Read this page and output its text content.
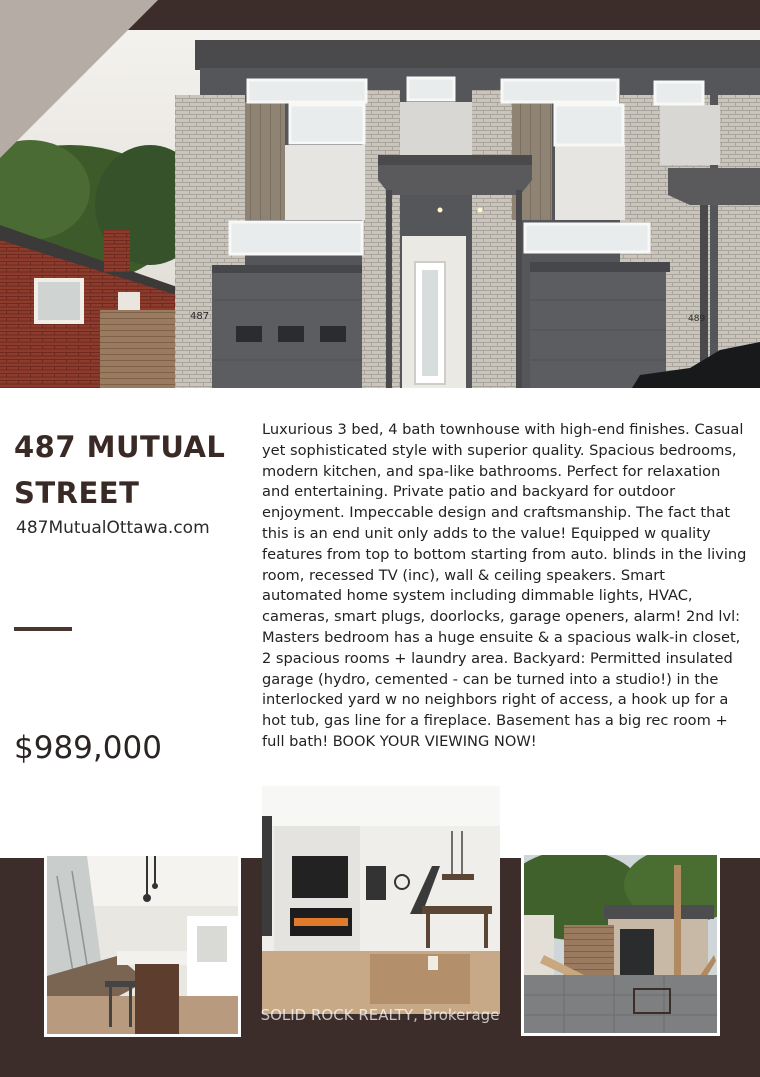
487	489
487 MUTUAL
STREET
487MutualOttawa.com
$989,000
Luxurious 3 bed, 4 bath townhouse with high-end finishes. Casual yet sophisticated style with superior quality. Spacious bedrooms, modern kitchen, and spa-like bathrooms. Perfect for relaxation and entertaining. Private patio and backyard for outdoor enjoyment. Impeccable design and craftsmanship. The fact that this is an end unit only adds to the value! Equipped w quality features from top to bottom starting from auto. blinds in the living room, recessed TV (inc), wall & ceiling speakers. Smart automated home system including dimmable lights, HVAC, cameras, smart plugs, doorlocks, garage openers, alarm! 2nd lvl: Masters bedroom has a huge ensuite & a spacious walk-in closet, 2 spacious rooms + laundry area. Backyard: Permitted insulated garage (hydro, cemented - can be turned into a studio!) in the interlocked yard w no neighbors right of access, a hook up for a hot tub, gas line for a fireplace. Basement has a big rec room + full bath! BOOK YOUR VIEWING NOW!
SOLID ROCK REALTY, Brokerage
